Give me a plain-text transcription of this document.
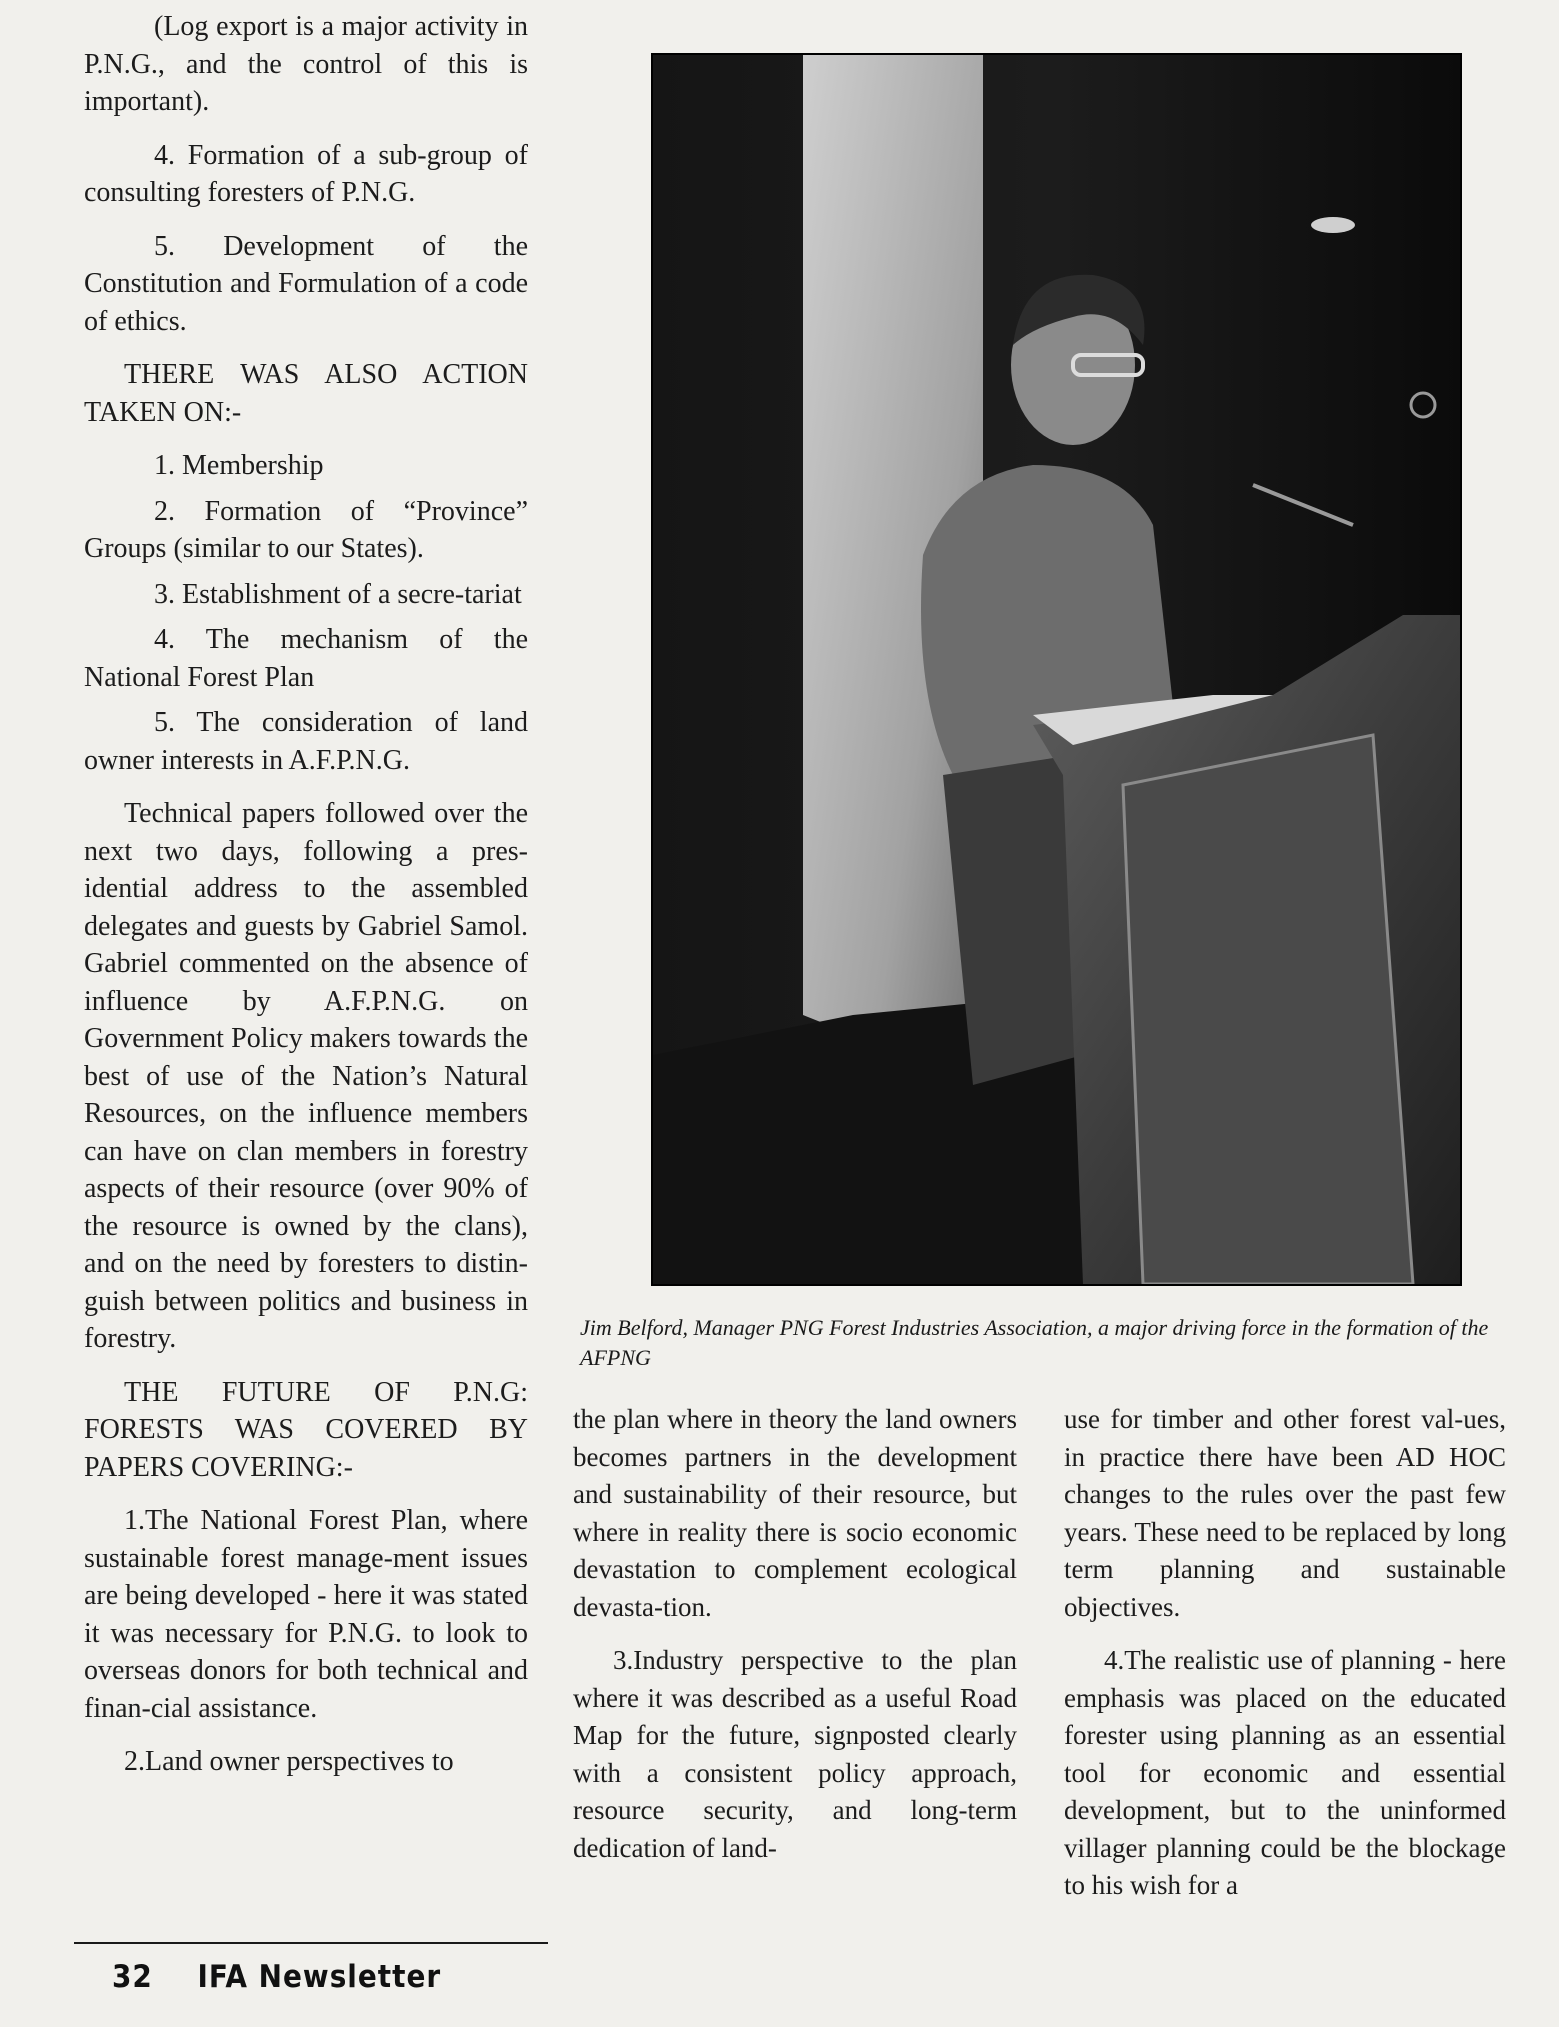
(Log export is a major activity in P.N.G., and the control of this is important).

4. Formation of a sub-group of consulting foresters of P.N.G.

5. Development of the Constitution and Formulation of a code of ethics.

THERE WAS ALSO ACTION TAKEN ON:-

1. Membership

2. Formation of “Province” Groups (similar to our States).

3. Establishment of a secre-tariat

4. The mechanism of the National Forest Plan

5. The consideration of land owner interests in A.F.P.N.G.

Technical papers followed over the next two days, following a pres-idential address to the assembled delegates and guests by Gabriel Samol. Gabriel commented on the absence of influence by A.F.P.N.G. on Government Policy makers towards the best of use of the Nation’s Natural Resources, on the influence members can have on clan members in forestry aspects of their resource (over 90% of the resource is owned by the clans), and on the need by foresters to distin-guish between politics and business in forestry.

THE FUTURE OF P.N.G: FORESTS WAS COVERED BY PAPERS COVERING:-

1.The National Forest Plan, where sustainable forest manage-ment issues are being developed - here it was stated it was necessary for P.N.G. to look to overseas donors for both technical and finan-cial assistance.

2.Land owner perspectives to

Jim Belford, Manager PNG Forest Industries Association, a major driving force in the formation of the AFPNG

the plan where in theory the land owners becomes partners in the development and sustainability of their resource, but where in reality there is socio economic devastation to complement ecological devasta-tion.

3.Industry perspective to the plan where it was described as a useful Road Map for the future, signposted clearly with a consistent policy approach, resource security, and long-term dedication of land-

use for timber and other forest val-ues, in practice there have been AD HOC changes to the rules over the past few years. These need to be replaced by long term planning and sustainable objectives.

4.The realistic use of planning - here emphasis was placed on the educated forester using planning as an essential tool for economic and essential development, but to the uninformed villager planning could be the blockage to his wish for a

32 IFA Newsletter
